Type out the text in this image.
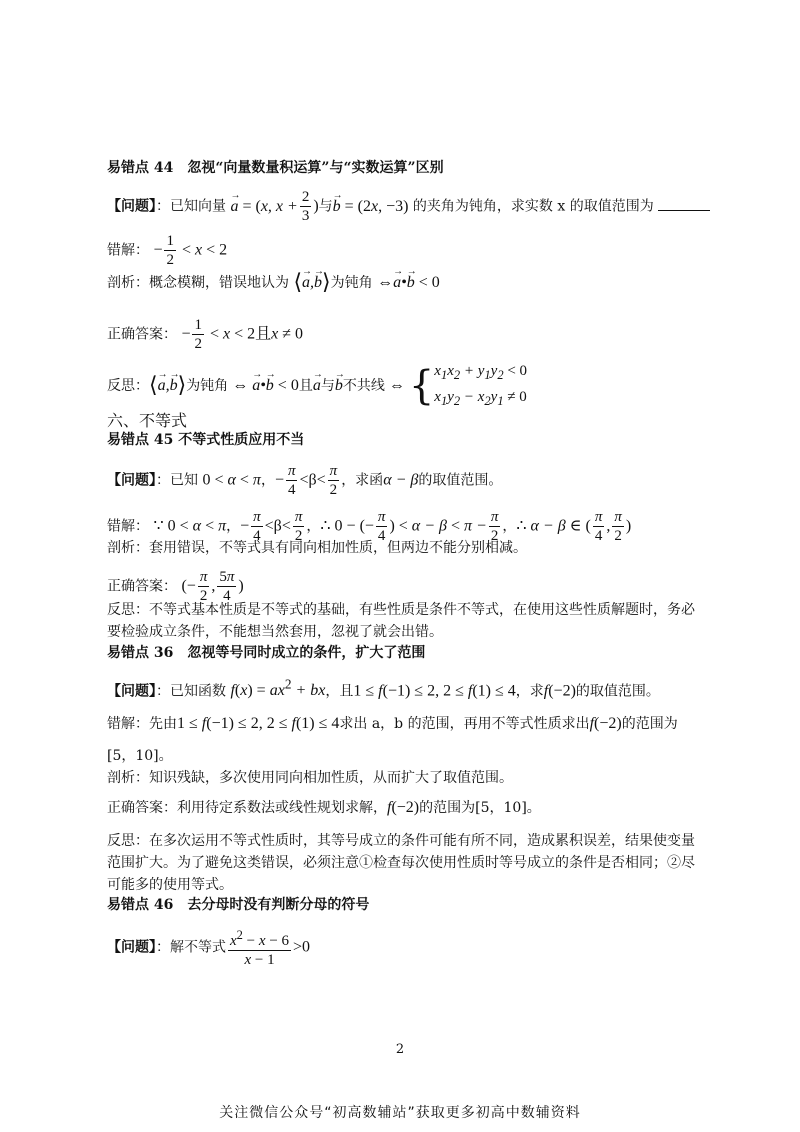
易错点 44　忽视“向量数量积运算”与“实数运算”区别
【问题】：已知向量 → a = (x, $x + \frac{2}{3}$ )与→ b = (2x, −3) 的夹角为钝角，求实数 x 的取值范围为
错解： − $\frac{1}{2} < x < 2$
剖析：概念模糊，错误地认为 ⟨→ a,→ b⟩为钝角 ⇔→ a•→ b < 0
正确答案： − $\frac{1}{2} < x < 2$且x ≠ 0
反思：⟨→ a,→ b⟩为钝角 ⇔ → a•→ b < 0且→ a与→ b不共线 ⇔ {$x_1x_2 + y_1y_2 < 0$
$x_1y_2 - x_2y_1 \ne 0$
六、不等式
易错点 45 不等式性质应用不当
【问题】：已知 0 < α < π，− $\frac{\pi}{4} <\beta< \frac{\pi}{2}$ ，求函α − β的取值范围。
错解： ∵ 0 < α < π，− $\frac{\pi}{4} <\beta< \frac{\pi}{2}$ ，∴ 0 − (− $\frac{\pi}{4}$ ) < $\alpha - \beta < \pi - \frac{\pi}{2}$ ，∴ α − β ∈ ( $\frac{\pi}{4}$ , $\frac{\pi}{2}$ )
剖析：套用错误，不等式具有同向相加性质，但两边不能分别相减。
正确答案： (− $\frac{\pi}{2}$ , $\frac{5\pi}{4}$ )
反思：不等式基本性质是不等式的基础，有些性质是条件不等式，在使用这些性质解题时，务必
要检验成立条件，不能想当然套用，忽视了就会出错。
易错点 36　忽视等号同时成立的条件，扩大了范围
【问题】：已知函数 $f(x) = ax^2$ + bx，且1 ≤ f(−1) ≤ 2, 2 ≤ f(1) ≤ 4，求f(−2)的取值范围。
错解：先由1 ≤ f(−1) ≤ 2, 2 ≤ f(1) ≤ 4求出 a，b 的范围，再用不等式性质求出f(−2)的范围为
[5，10]。
剖析：知识残缺，多次使用同向相加性质，从而扩大了取值范围。
正确答案：利用待定系数法或线性规划求解，f(−2)的范围为[5，10]。
反思：在多次运用不等式性质时，其等号成立的条件可能有所不同，造成累积误差，结果使变量
范围扩大。为了避免这类错误，必须注意①检查每次使用性质时等号成立的条件是否相同；②尽
可能多的使用等式。
易错点 46　去分母时没有判断分母的符号
【问题】：解不等式 $\frac{x^2 - x - 6}{x - 1} >0$
2
关注微信公众号“初高数辅站”获取更多初高中数辅资料
